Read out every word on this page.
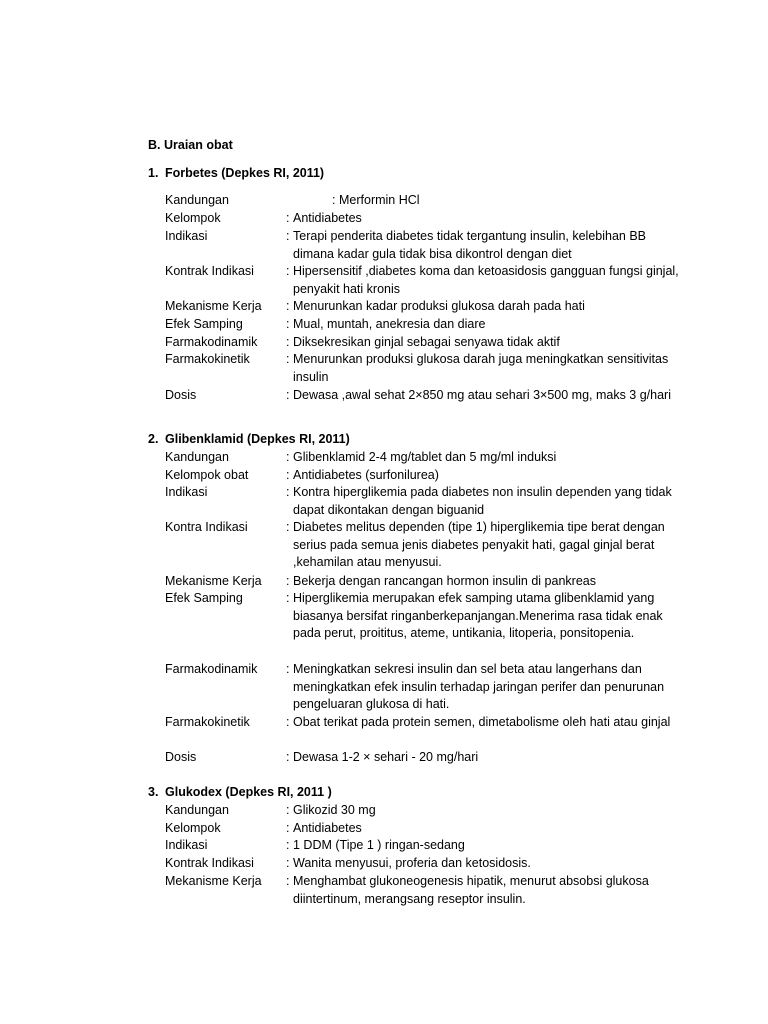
B. Uraian obat
1. Forbetes (Depkes RI, 2011)
Kandungan	: Merformin HCl
Kelompok	: Antidiabetes
Indikasi	: Terapi penderita diabetes tidak tergantung insulin, kelebihan BB dimana kadar gula tidak bisa dikontrol dengan diet
Kontrak Indikasi	: Hipersensitif ,diabetes koma dan ketoasidosis gangguan fungsi ginjal, penyakit hati kronis
Mekanisme Kerja : Menurunkan kadar produksi glukosa darah pada hati
Efek Samping	: Mual, muntah, anekresia dan diare
Farmakodinamik : Diksekresikan ginjal sebagai senyawa tidak aktif
Farmakokinetik	: Menurunkan produksi glukosa darah juga meningkatkan sensitivitas insulin
Dosis	: Dewasa ,awal sehat 2×850 mg atau sehari 3×500 mg, maks 3 g/hari
2. Glibenklamid (Depkes RI, 2011)
Kandungan	: Glibenklamid 2-4 mg/tablet dan 5 mg/ml induksi
Kelompok obat	: Antidiabetes (surfonilurea)
Indikasi	: Kontra hiperglikemia pada diabetes non insulin dependen yang tidak dapat dikontakan dengan biguanid
Kontra Indikasi	: Diabetes melitus dependen (tipe 1) hiperglikemia tipe berat dengan serius pada semua jenis diabetes penyakit hati, gagal ginjal berat ,kehamilan atau menyusui.
Mekanisme Kerja : Bekerja dengan rancangan hormon insulin di pankreas
Efek Samping	: Hiperglikemia merupakan efek samping utama glibenklamid yang biasanya bersifat ringanberkepanjangan.Menerima rasa tidak enak pada perut, proititus, ateme, untikania, litoperia, ponsitopenia.
Farmakodinamik : Meningkatkan sekresi insulin dan sel beta atau langerhans dan meningkatkan efek insulin terhadap jaringan perifer dan penurunan pengeluaran glukosa di hati.
Farmakokinetik	: Obat terikat pada protein semen, dimetabolisme oleh hati atau ginjal
Dosis	: Dewasa 1-2 × sehari - 20 mg/hari
3. Glukodex (Depkes RI, 2011 )
Kandungan	: Glikozid 30 mg
Kelompok	: Antidiabetes
Indikasi	: 1 DDM (Tipe 1 ) ringan-sedang
Kontrak Indikasi	: Wanita menyusui, proferia dan ketosidosis.
Mekanisme Kerja : Menghambat glukoneogenesis hipatik, menurut absobsi glukosa diintertinum, merangsang reseptor insulin.
